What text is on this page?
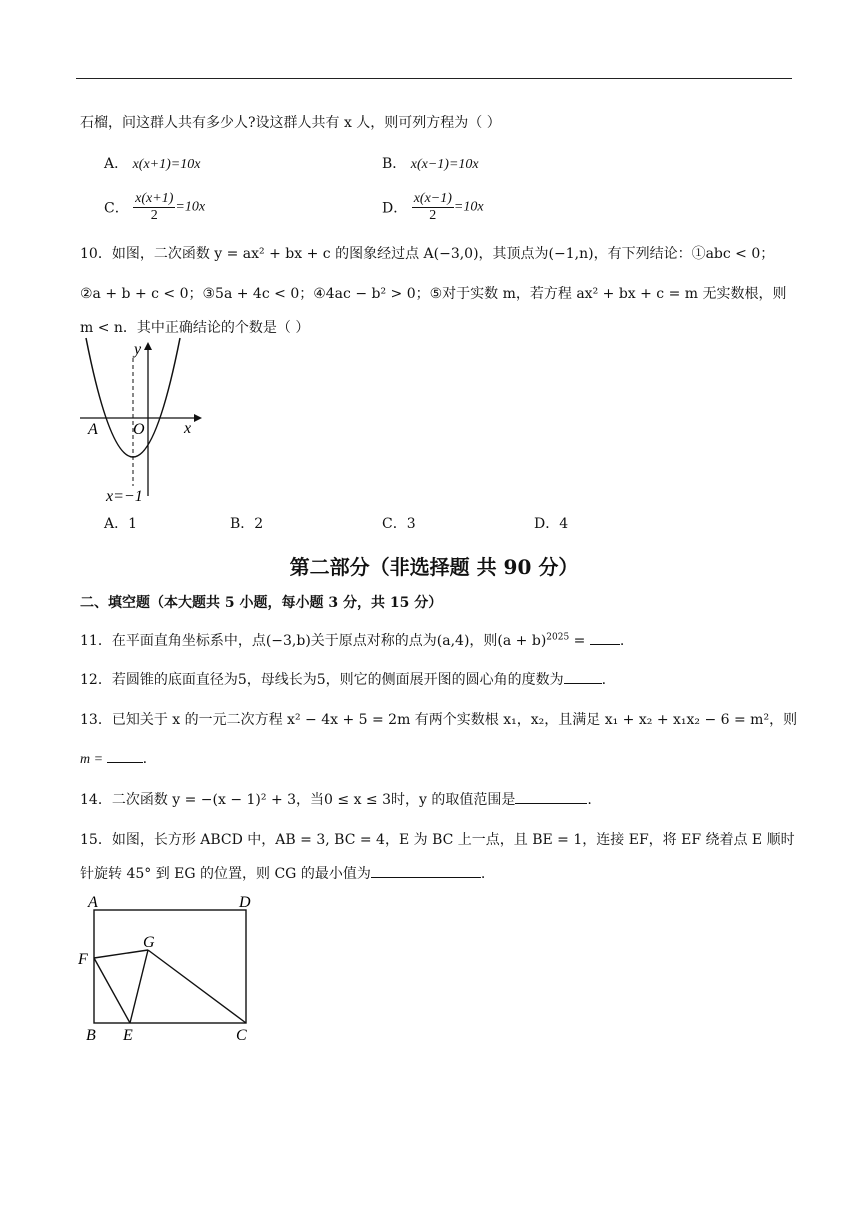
石榴，问这群人共有多少人?设这群人共有 x 人，则可列方程为（ ）
A． x(x+1)=10x	B． x(x−1)=10x
C． $\frac{x(x+1)}{2} =10x$	D． $\frac{x(x-1)}{2} =10x$
10．如图，二次函数 y = ax² + bx + c 的图象经过点 A(−3,0)，其顶点为(−1,n)，有下列结论：①abc < 0；
②a + b + c < 0；③5a + 4c < 0；④4ac − b² > 0；⑤对于实数 m，若方程 ax² + bx + c = m 无实数根，则
m < n．其中正确结论的个数是（ ）
y
x
A O
x=−1
A．1	B．2	C．3	D．4
第二部分（非选择题 共 90 分）
二、填空题（本大题共 5 小题，每小题 3 分，共 15 分）
11．在平面直角坐标系中，点(−3,b)关于原点对称的点为(a,4)，则$(a + b)^{2025}$ = .
12．若圆锥的底面直径为5，母线长为5，则它的侧面展开图的圆心角的度数为	.
13．已知关于 x 的一元二次方程 x² − 4x + 5 = 2m 有两个实数根 x₁，x₂，且满足 x₁ + x₂ + x₁x₂ − 6 = m²，则
m =	.
14．二次函数 y = −(x − 1)² + 3，当0 ≤ x ≤ 3时，y 的取值范围是	.
15．如图，长方形 ABCD 中，AB = 3, BC = 4，E 为 BC 上一点，且 BE = 1，连接 EF，将 EF 绕着点 E 顺时
针旋转 45° 到 EG 的位置，则 CG 的最小值为	.
A	D
G
F
B E	C
